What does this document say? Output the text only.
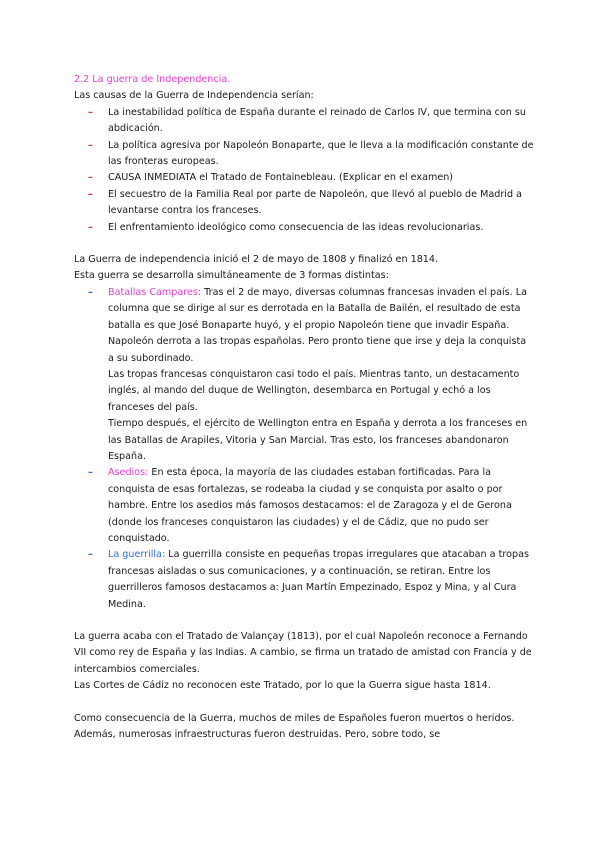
2.2 La guerra de Independencia.

Las causas de la Guerra de Independencia serían:

– La inestabilidad política de España durante el reinado de Carlos IV, que termina con su abdicación.
– La política agresiva por Napoleón Bonaparte, que le lleva a la modificación constante de las fronteras europeas.
– CAUSA INMEDIATA el Tratado de Fontainebleau. (Explicar en el examen)
– El secuestro de la Familia Real por parte de Napoleón, que llevó al pueblo de Madrid a levantarse contra los franceses.
– El enfrentamiento ideológico como consecuencia de las ideas revolucionarias.

La Guerra de independencia inició el 2 de mayo de 1808 y finalizó en 1814.

Esta guerra se desarrolla simultáneamente de 3 formas distintas:

– Batallas Campares: Tras el 2 de mayo, diversas columnas francesas invaden el país. La columna que se dirige al sur es derrotada en la Batalla de Bailén, el resultado de esta batalla es que José Bonaparte huyó, y el propio Napoleón tiene que invadir España. Napoleón derrota a las tropas españolas. Pero pronto tiene que irse y deja la conquista a su subordinado.
Las tropas francesas conquistaron casi todo el país. Mientras tanto, un destacamento inglés, al mando del duque de Wellington, desembarca en Portugal y echó a los franceses del país.
Tiempo después, el ejército de Wellington entra en España y derrota a los franceses en las Batallas de Arapiles, Vitoria y San Marcial. Tras esto, los franceses abandonaron España.
– Asedios: En esta época, la mayoría de las ciudades estaban fortificadas. Para la conquista de esas fortalezas, se rodeaba la ciudad y se conquista por asalto o por hambre. Entre los asedios más famosos destacamos: el de Zaragoza y el de Gerona (donde los franceses conquistaron las ciudades) y el de Cádiz, que no pudo ser conquistado.
– La guerrilla: La guerrilla consiste en pequeñas tropas irregulares que atacaban a tropas francesas aisladas o sus comunicaciones, y a continuación, se retiran. Entre los guerrilleros famosos destacamos a: Juan Martín Empezinado, Espoz y Mina, y al Cura Medina.

La guerra acaba con el Tratado de Valançay (1813), por el cual Napoleón reconoce a Fernando VII como rey de España y las Indias. A cambio, se firma un tratado de amistad con Francia y de intercambios comerciales.

Las Cortes de Cádiz no reconocen este Tratado, por lo que la Guerra sigue hasta 1814.

Como consecuencia de la Guerra, muchos de miles de Españoles fueron muertos o heridos. Además, numerosas infraestructuras fueron destruidas. Pero, sobre todo, se
